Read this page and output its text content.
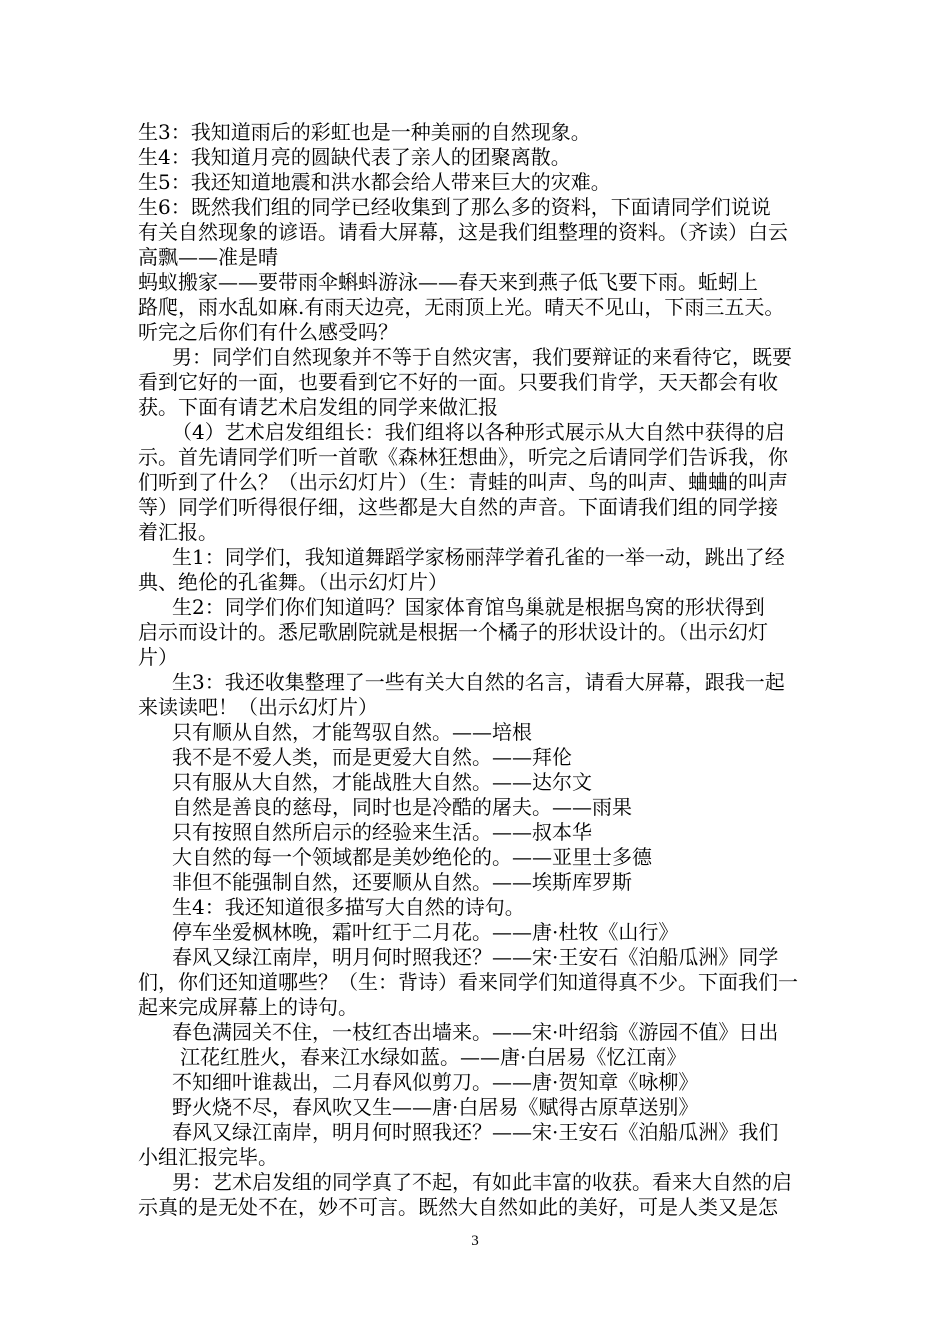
生3：我知道雨后的彩虹也是一种美丽的自然现象。
生4：我知道月亮的圆缺代表了亲人的团聚离散。
生5：我还知道地震和洪水都会给人带来巨大的灾难。
生6：既然我们组的同学已经收集到了那么多的资料，下面请同学们说说
有关自然现象的谚语。请看大屏幕，这是我们组整理的资料。（齐读）白云
高飘——准是晴
蚂蚁搬家——要带雨伞蝌蚪游泳——春天来到燕子低飞要下雨。蚯蚓上
路爬，雨水乱如麻.有雨天边亮，无雨顶上光。晴天不见山，下雨三五天。
听完之后你们有什么感受吗？
男：同学们自然现象并不等于自然灾害，我们要辩证的来看待它，既要
看到它好的一面，也要看到它不好的一面。只要我们肯学，天天都会有收
获。下面有请艺术启发组的同学来做汇报
（4）艺术启发组组长：我们组将以各种形式展示从大自然中获得的启
示。首先请同学们听一首歌《森林狂想曲》，听完之后请同学们告诉我，你
们听到了什么？（出示幻灯片）（生：青蛙的叫声、鸟的叫声、蛐蛐的叫声
等）同学们听得很仔细，这些都是大自然的声音。下面请我们组的同学接
着汇报。
生1：同学们，我知道舞蹈学家杨丽萍学着孔雀的一举一动，跳出了经
典、绝伦的孔雀舞。（出示幻灯片）
生2：同学们你们知道吗？国家体育馆鸟巢就是根据鸟窝的形状得到
启示而设计的。悉尼歌剧院就是根据一个橘子的形状设计的。（出示幻灯
片）
生3：我还收集整理了一些有关大自然的名言，请看大屏幕，跟我一起
来读读吧！（出示幻灯片）
只有顺从自然，才能驾驭自然。——培根
我不是不爱人类，而是更爱大自然。——拜伦
只有服从大自然，才能战胜大自然。——达尔文
自然是善良的慈母，同时也是冷酷的屠夫。——雨果
只有按照自然所启示的经验来生活。——叔本华
大自然的每一个领域都是美妙绝伦的。——亚里士多德
非但不能强制自然，还要顺从自然。——埃斯库罗斯
生4：我还知道很多描写大自然的诗句。
停车坐爱枫林晚，霜叶红于二月花。——唐·杜牧《山行》
春风又绿江南岸，明月何时照我还？——宋·王安石《泊船瓜洲》同学
们，你们还知道哪些？（生：背诗）看来同学们知道得真不少。下面我们一
起来完成屏幕上的诗句。
春色满园关不住，一枝红杏出墙来。——宋·叶绍翁《游园不值》日出
江花红胜火，春来江水绿如蓝。——唐·白居易《忆江南》
不知细叶谁裁出，二月春风似剪刀。——唐·贺知章《咏柳》
野火烧不尽，春风吹又生——唐·白居易《赋得古原草送别》
春风又绿江南岸，明月何时照我还？——宋·王安石《泊船瓜洲》我们
小组汇报完毕。
男：艺术启发组的同学真了不起，有如此丰富的收获。看来大自然的启
示真的是无处不在，妙不可言。既然大自然如此的美好，可是人类又是怎
3
